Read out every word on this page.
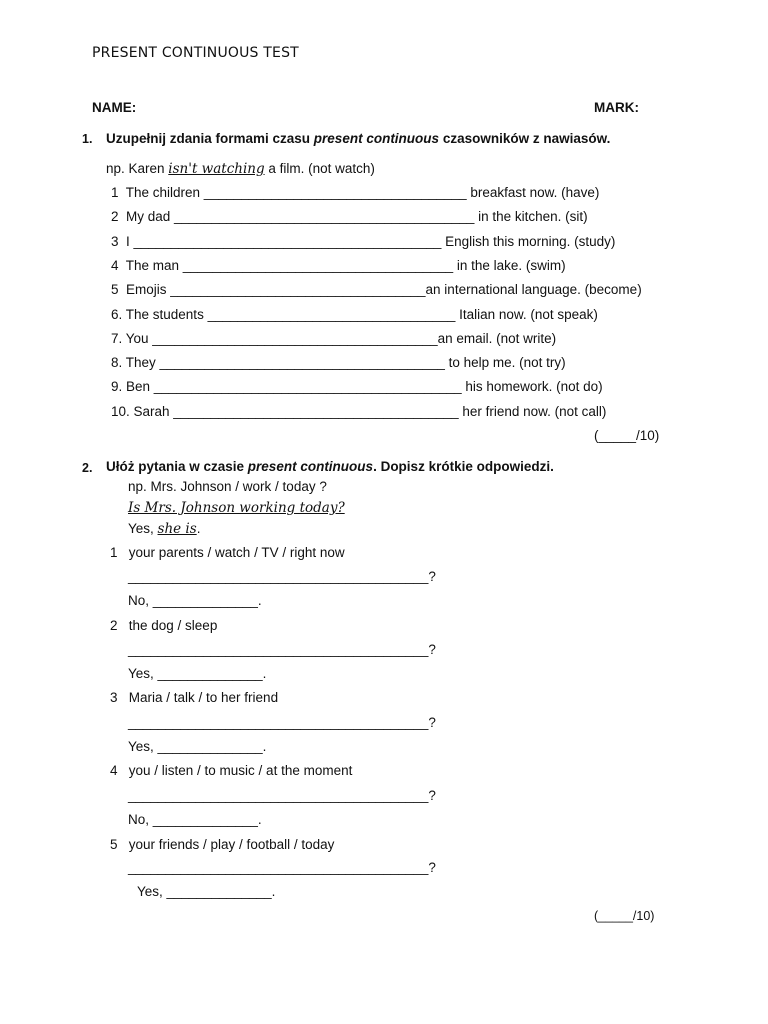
PRESENT CONTINUOUS TEST
NAME:	MARK:
1. Uzupełnij zdania formami czasu present continuous czasowników z nawiasów.
np. Karen isn't watching a film. (not watch)
1  The children ___________________________________ breakfast now. (have)
2  My dad ________________________________________ in the kitchen. (sit)
3  I _________________________________________ English this morning. (study)
4  The man ____________________________________ in the lake. (swim)
5  Emojis __________________________________an international language. (become)
6. The students _________________________________ Italian now. (not speak)
7. You ______________________________________an email. (not write)
8. They ______________________________________ to help me. (not try)
9. Ben _________________________________________ his homework. (not do)
10. Sarah ______________________________________ her friend now. (not call)
(_____/10)
2. Ułóż pytania w czasie present continuous. Dopisz krótkie odpowiedzi.
np. Mrs. Johnson / work / today ?
Is Mrs. Johnson working today?
Yes, she is.
1   your parents / watch / TV / right now
________________________________________?
No, ______________.
2   the dog / sleep
________________________________________?
Yes, ______________.
3   Maria / talk / to her friend
________________________________________?
Yes, ______________.
4   you / listen / to music / at the moment
________________________________________?
No, ______________.
5   your friends / play / football / today
________________________________________?
Yes, ______________.
(_____/10)
